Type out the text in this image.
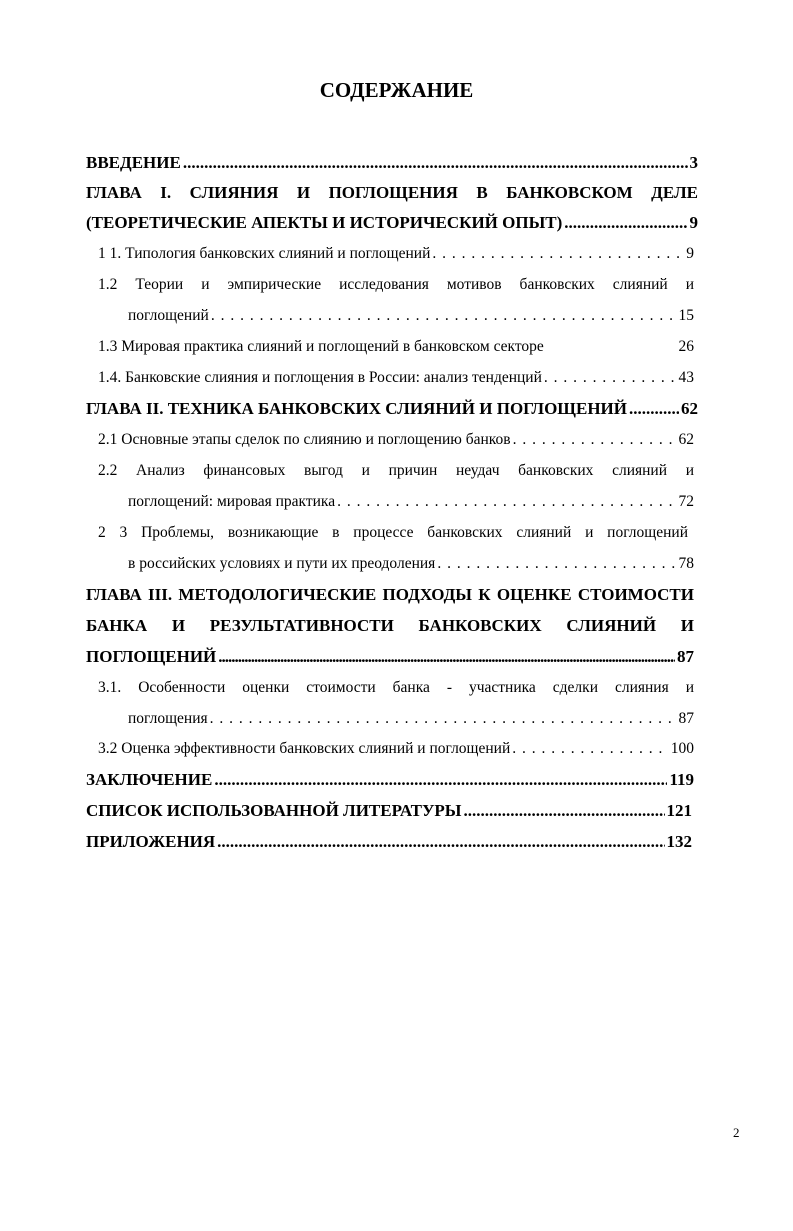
СОДЕРЖАНИЕ
ВВЕДЕНИЕ .....	3
ГЛАВА I. СЛИЯНИЯ И ПОГЛОЩЕНИЯ В БАНКОВСКОМ ДЕЛЕ
(ТЕОРЕТИЧЕСКИЕ АПЕКТЫ И ИСТОРИЧЕСКИЙ ОПЫТ) .....	9
1 1. Типология банковских слияний и поглощений . .	9
1.2 Теории и эмпирические исследования мотивов банковских слияний и
поглощений . .	15
1.3 Мировая практика слияний и поглощений в банковском секторе	26
1.4. Банковские слияния и поглощения в России: анализ тенденций . .	43
ГЛАВА II. ТЕХНИКА БАНКОВСКИХ СЛИЯНИЙ И ПОГЛОЩЕНИЙ .....	62
2.1 Основные этапы сделок по слиянию и поглощению банков . .	62
2.2 Анализ финансовых выгод и причин неудач банковских слияний и
поглощений: мировая практика . .	72
2 3 Проблемы, возникающие в процессе банковских слияний и поглощений
в российских условиях и пути их преодоления . .	78
ГЛАВА III. МЕТОДОЛОГИЧЕСКИЕ ПОДХОДЫ К ОЦЕНКЕ СТОИМОСТИ
БАНКА И РЕЗУЛЬТАТИВНОСТИ БАНКОВСКИХ СЛИЯНИЙ И
ПОГЛОЩЕНИЙ .....	87
3.1. Особенности оценки стоимости банка - участника сделки слияния и
поглощения . .	87
3.2 Оценка эффективности банковских слияний и поглощений . .	100
ЗАКЛЮЧЕНИЕ .....	119
СПИСОК ИСПОЛЬЗОВАННОЙ ЛИТЕРАТУРЫ .....	121
ПРИЛОЖЕНИЯ .....	132
2
